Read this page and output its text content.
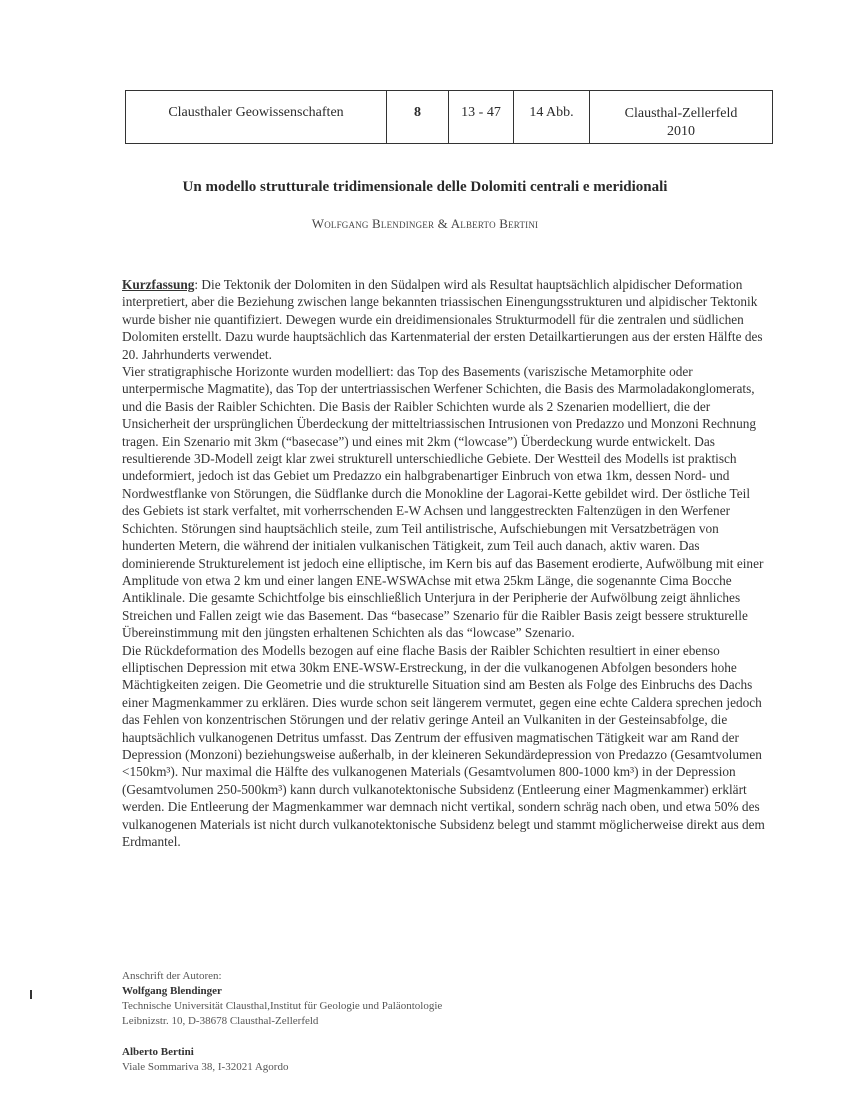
Clausthaler Geowissenschaften	8	13 - 47	14 Abb.	Clausthal-Zellerfeld
2010
Un modello strutturale tridimensionale delle Dolomiti centrali e meridionali
Wolfgang Blendinger & Alberto Bertini

Kurzfassung: Die Tektonik der Dolomiten in den Südalpen wird als Resultat hauptsächlich alpidischer Deformation interpretiert, aber die Beziehung zwischen lange bekannten triassischen Einengungsstrukturen und alpidischer Tektonik wurde bisher nie quantifiziert. Dewegen wurde ein dreidimensionales Strukturmodell für die zentralen und südlichen Dolomiten erstellt. Dazu wurde hauptsächlich das Kartenmaterial der ersten Detailkartierungen aus der ersten Hälfte des 20. Jahrhunderts verwendet.

Vier stratigraphische Horizonte wurden modelliert: das Top des Basements (variszische Metamorphite oder unterpermische Magmatite), das Top der untertriassischen Werfener Schichten, die Basis des Marmoladakonglomerats, und die Basis der Raibler Schichten. Die Basis der Raibler Schichten wurde als 2 Szenarien modelliert, die der Unsicherheit der ursprünglichen Überdeckung der mitteltriassischen Intrusionen von Predazzo und Monzoni Rechnung tragen. Ein Szenario mit 3km (“basecase”) und eines mit 2km (“lowcase”) Überdeckung wurde entwickelt. Das resultierende 3D-Modell zeigt klar zwei strukturell unterschiedliche Gebiete. Der Westteil des Modells ist praktisch undeformiert, jedoch ist das Gebiet um Predazzo ein halbgrabenartiger Einbruch von etwa 1km, dessen Nord- und Nordwestflanke von Störungen, die Südflanke durch die Monokline der Lagorai-Kette gebildet wird. Der östliche Teil des Gebiets ist stark verfaltet, mit vorherrschenden E-W Achsen und langgestreckten Faltenzügen in den Werfener Schichten. Störungen sind hauptsächlich steile, zum Teil antilistrische, Aufschiebungen mit Versatzbeträgen von hunderten Metern, die während der initialen vulkanischen Tätigkeit, zum Teil auch danach, aktiv waren. Das dominierende Strukturelement ist jedoch eine elliptische, im Kern bis auf das Basement erodierte, Aufwölbung mit einer Amplitude von etwa 2 km und einer langen ENE-WSWAchse mit etwa 25km Länge, die sogenannte Cima Bocche Antiklinale. Die gesamte Schichtfolge bis einschließlich Unterjura in der Peripherie der Aufwölbung zeigt ähnliches Streichen und Fallen zeigt wie das Basement. Das “basecase” Szenario für die Raibler Basis zeigt bessere strukturelle Übereinstimmung mit den jüngsten erhaltenen Schichten als das “lowcase” Szenario.

Die Rückdeformation des Modells bezogen auf eine flache Basis der Raibler Schichten resultiert in einer ebenso elliptischen Depression mit etwa 30km ENE-WSW-Erstreckung, in der die vulkanogenen Abfolgen besonders hohe Mächtigkeiten zeigen. Die Geometrie und die strukturelle Situation sind am Besten als Folge des Einbruchs des Dachs einer Magmenkammer zu erklären. Dies wurde schon seit längerem vermutet, gegen eine echte Caldera sprechen jedoch das Fehlen von konzentrischen Störungen und der relativ geringe Anteil an Vulkaniten in der Gesteinsabfolge, die hauptsächlich vulkanogenen Detritus umfasst. Das Zentrum der effusiven magmatischen Tätigkeit war am Rand der Depression (Monzoni) beziehungsweise außerhalb, in der kleineren Sekundärdepression von Predazzo (Gesamtvolumen <150km³). Nur maximal die Hälfte des vulkanogenen Materials (Gesamtvolumen 800-1000 km³) in der Depression (Gesamtvolumen 250-500km³) kann durch vulkanotektonische Subsidenz (Entleerung einer Magmenkammer) erklärt werden. Die Entleerung der Magmenkammer war demnach nicht vertikal, sondern schräg nach oben, und etwa 50% des vulkanogenen Materials ist nicht durch vulkanotektonische Subsidenz belegt und stammt möglicherweise direkt aus dem Erdmantel.

Anschrift der Autoren:
Wolfgang Blendinger
Technische Universität Clausthal,Institut für Geologie und Paläontologie
Leibnizstr. 10, D-38678 Clausthal-Zellerfeld
Alberto Bertini
Viale Sommariva 38, I-32021 Agordo
